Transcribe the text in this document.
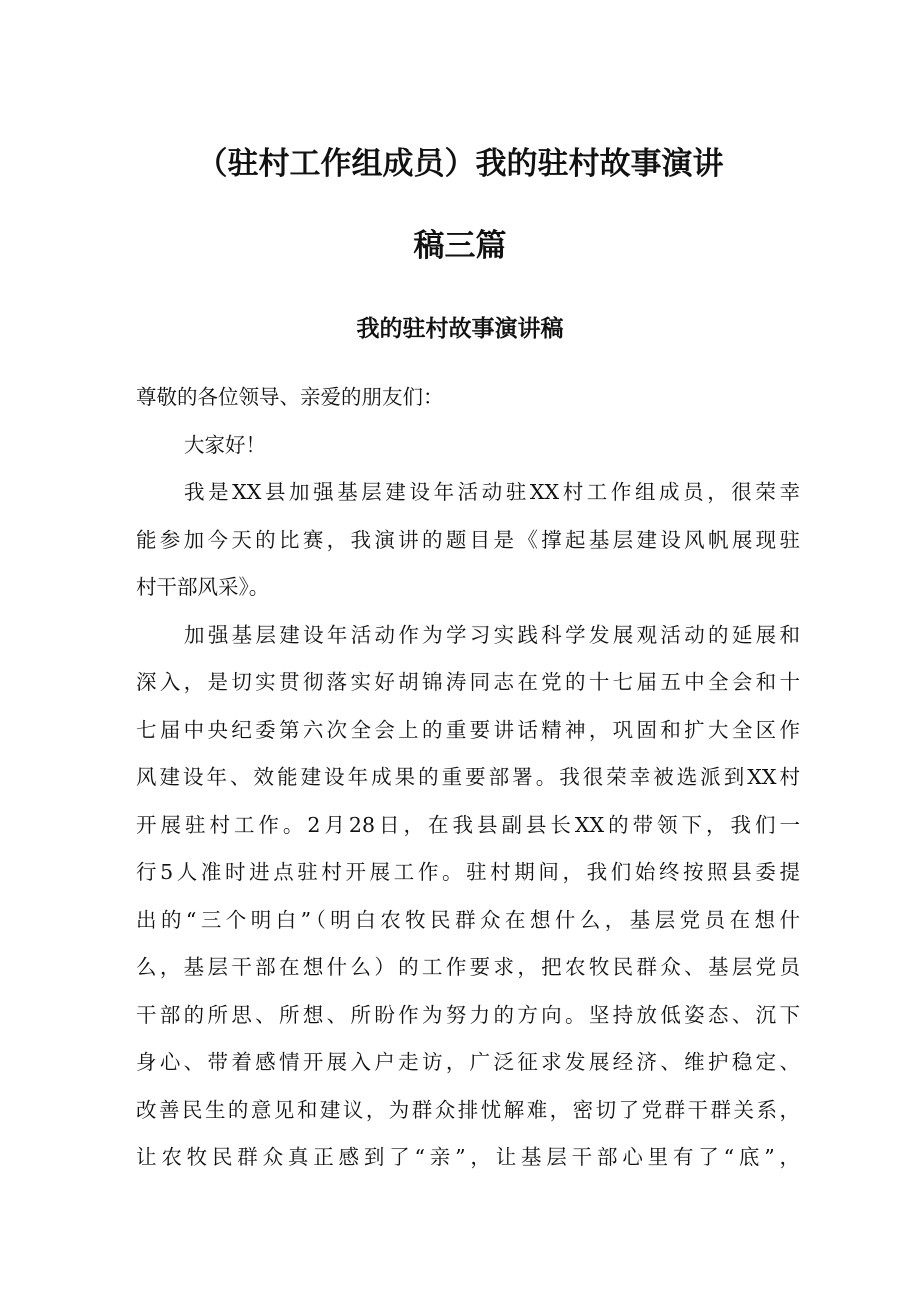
（驻村工作组成员）我的驻村故事演讲
稿三篇
我的驻村故事演讲稿
尊敬的各位领导、亲爱的朋友们：
大家好！
我是XX县加强基层建设年活动驻XX村工作组成员，很荣幸
能参加今天的比赛，我演讲的题目是《撑起基层建设风帆展现驻
村干部风采》。
加强基层建设年活动作为学习实践科学发展观活动的延展和
深入，是切实贯彻落实好胡锦涛同志在党的十七届五中全会和十
七届中央纪委第六次全会上的重要讲话精神，巩固和扩大全区作
风建设年、效能建设年成果的重要部署。我很荣幸被选派到XX村
开展驻村工作。2月28日，在我县副县长XX的带领下，我们一
行5人准时进点驻村开展工作。驻村期间，我们始终按照县委提
出的“三个明白”（明白农牧民群众在想什么，基层党员在想什
么，基层干部在想什么）的工作要求，把农牧民群众、基层党员
干部的所思、所想、所盼作为努力的方向。坚持放低姿态、沉下
身心、带着感情开展入户走访，广泛征求发展经济、维护稳定、
改善民生的意见和建议，为群众排忧解难，密切了党群干群关系，
让农牧民群众真正感到了“亲”，让基层干部心里有了“底”，
